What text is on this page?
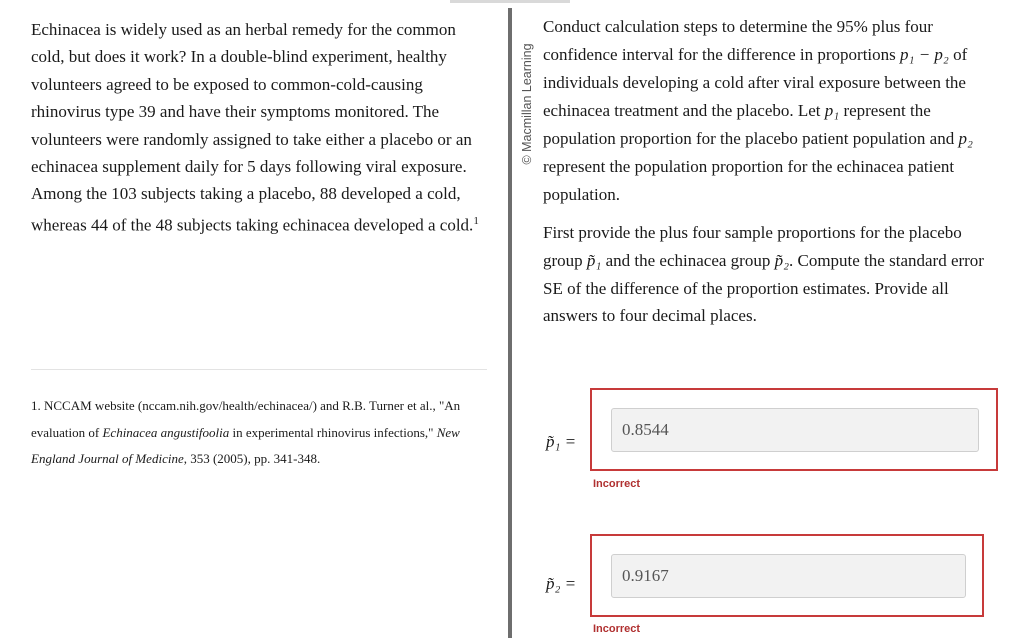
Echinacea is widely used as an herbal remedy for the common cold, but does it work? In a double-blind experiment, healthy volunteers agreed to be exposed to common-cold-causing rhinovirus type 39 and have their symptoms monitored. The volunteers were randomly assigned to take either a placebo or an echinacea supplement daily for 5 days following viral exposure. Among the 103 subjects taking a placebo, 88 developed a cold, whereas 44 of the 48 subjects taking echinacea developed a cold.$^1$

1. NCCAM website (nccam.nih.gov/health/echinacea/) and R.B. Turner et al., "An evaluation of Echinacea angustifoolia in experimental rhinovirus infections," New England Journal of Medicine, 353 (2005), pp. 341-348.

© Macmillan Learning

Conduct calculation steps to determine the 95% plus four confidence interval for the difference in proportions p₁ − p₂ of individuals developing a cold after viral exposure between the echinacea treatment and the placebo. Let p₁ represent the population proportion for the placebo patient population and p₂ represent the population proportion for the echinacea patient population.

First provide the plus four sample proportions for the placebo group p̃₁ and the echinacea group p̃₂. Compute the standard error SE of the difference of the proportion estimates. Provide all answers to four decimal places.

p̃₁ =
0.8544
Incorrect
p̃₂ =	0.9167
Incorrect
